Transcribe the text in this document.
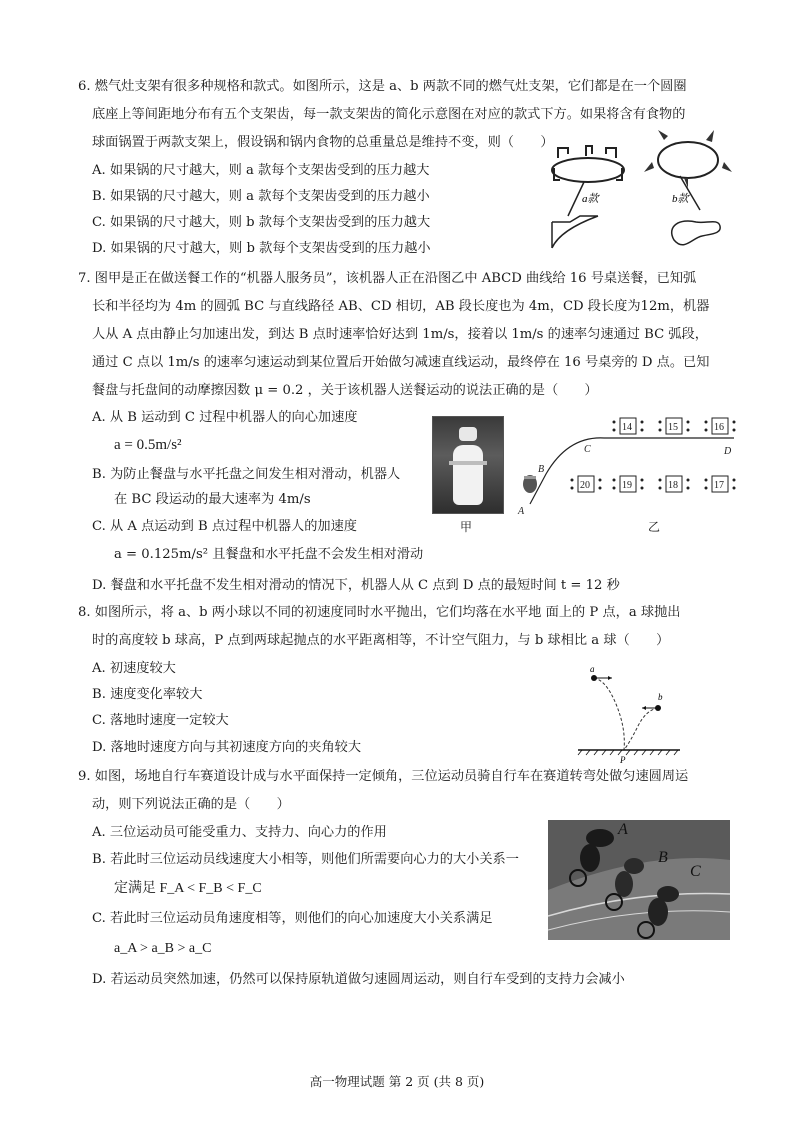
6. 燃气灶支架有很多种规格和款式。如图所示，这是 a、b 两款不同的燃气灶支架，它们都是在一个圆圈
底座上等间距地分布有五个支架齿，每一款支架齿的简化示意图在对应的款式下方。如果将含有食物的
球面锅置于两款支架上，假设锅和锅内食物的总重量总是维持不变，则（　　）
A. 如果锅的尺寸越大，则 a 款每个支架齿受到的压力越大
B. 如果锅的尺寸越大，则 a 款每个支架齿受到的压力越小
C. 如果锅的尺寸越大，则 b 款每个支架齿受到的压力越大
D. 如果锅的尺寸越大，则 b 款每个支架齿受到的压力越小
a款	b款
7. 图甲是正在做送餐工作的“机器人服务员”，该机器人正在沿图乙中 ABCD 曲线给 16 号桌送餐，已知弧
长和半径均为 4m 的圆弧 BC 与直线路径 AB、CD 相切，AB 段长度也为 4m，CD 段长度为12m，机器
人从 A 点由静止匀加速出发，到达 B 点时速率恰好达到 1m/s，接着以 1m/s 的速率匀速通过 BC 弧段，
通过 C 点以 1m/s 的速率匀速运动到某位置后开始做匀减速直线运动，最终停在 16 号桌旁的 D 点。已知
餐盘与托盘间的动摩擦因数 μ = 0.2 ，关于该机器人送餐运动的说法正确的是（　　）
A. 从 B 运动到 C 过程中机器人的向心加速度
a = 0.5m/s²
B. 为防止餐盘与水平托盘之间发生相对滑动，机器人
在 BC 段运动的最大速率为 4m/s
C. 从 A 点运动到 B 点过程中机器人的加速度
a = 0.125m/s² 且餐盘和水平托盘不会发生相对滑动
D. 餐盘和水平托盘不发生相对滑动的情况下，机器人从 C 点到 D 点的最短时间 t = 12 秒
甲
A
B
C	D
14	15	16
20	19	18	17
乙
8. 如图所示，将 a、b 两小球以不同的初速度同时水平抛出，它们均落在水平地 面上的 P 点，a 球抛出
时的高度较 b 球高，P 点到两球起抛点的水平距离相等，不计空气阻力，与 b 球相比 a 球（　　）
A. 初速度较大
B. 速度变化率较大
C. 落地时速度一定较大
D. 落地时速度方向与其初速度方向的夹角较大
a
b
P
9. 如图，场地自行车赛道设计成与水平面保持一定倾角，三位运动员骑自行车在赛道转弯处做匀速圆周运
动，则下列说法正确的是（　　）
A. 三位运动员可能受重力、支持力、向心力的作用
B. 若此时三位运动员线速度大小相等，则他们所需要向心力的大小关系一
定满足 F_A < F_B < F_C
C. 若此时三位运动员角速度相等，则他们的向心加速度大小关系满足
a_A > a_B > a_C
D. 若运动员突然加速，仍然可以保持原轨道做匀速圆周运动，则自行车受到的支持力会减小
A
B
C
高一物理试题 第 2 页 (共 8 页)
